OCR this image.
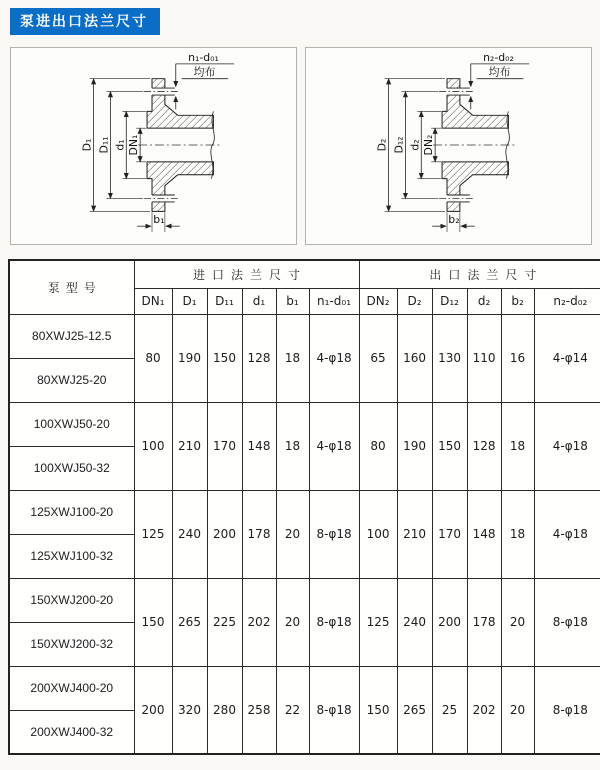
泵进出口法兰尺寸
D₁ D₁₁ d₁ DN₁
n₁-d₀₁
均布
b₁
D₂ D₁₂ d₂ DN₂
n₂-d₀₂
均布
b₂
泵型号	进口法兰尺寸						出口法兰尺寸					
	DN₁	D₁	D₁₁	d₁	b₁	n₁-d₀₁	DN₂	D₂	D₁₂	d₂	b₂	n₂-d₀₂
80XWJ25-12.5	80	190	150	128	18	4-φ18	65	160	130	110	16	4-φ14
80XWJ25-20												
100XWJ50-20	100	210	170	148	18	4-φ18	80	190	150	128	18	4-φ18
100XWJ50-32												
125XWJ100-20	125	240	200	178	20	8-φ18	100	210	170	148	18	4-φ18
125XWJ100-32												
150XWJ200-20	150	265	225	202	20	8-φ18	125	240	200	178	20	8-φ18
150XWJ200-32												
200XWJ400-20	200	320	280	258	22	8-φ18	150	265	25	202	20	8-φ18
200XWJ400-32												
